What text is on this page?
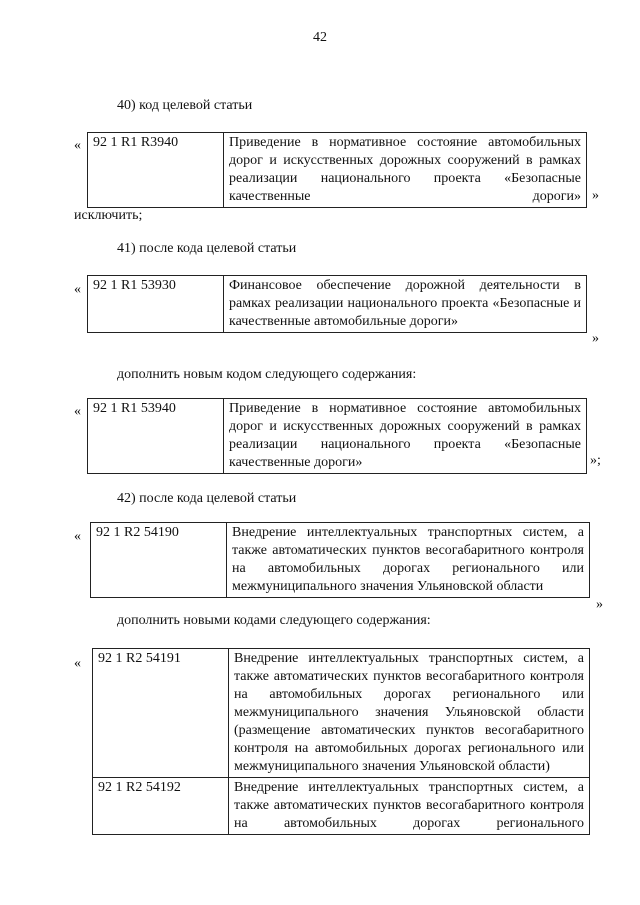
42
40) код целевой статьи
« 92 1 R1 R3940	Приведение в нормативное состояние автомобильных дорог и искусственных дорожных сооружений в рамках реализации национального проекта «Безопасные качественные дороги» »
исключить;
41) после кода целевой статьи
« 92 1 R1 53930	Финансовое обеспечение дорожной деятельности в рамках реализации национального проекта «Безопасные и качественные автомобильные дороги»
»
дополнить новым кодом следующего содержания:
« 92 1 R1 53940	Приведение в нормативное состояние автомобильных дорог и искусственных дорожных сооружений в рамках реализации национального проекта «Безопасные качественные дороги»	»;
42) после кода целевой статьи
« 92 1 R2 54190	Внедрение интеллектуальных транспортных систем, а также автоматических пунктов весогабаритного контроля на автомобильных дорогах регионального или межмуниципального значения Ульяновской области
»
дополнить новыми кодами следующего содержания:
« 92 1 R2 54191	Внедрение интеллектуальных транспортных систем, а также автоматических пунктов весогабаритного контроля на автомобильных дорогах регионального или межмуниципального значения Ульяновской области (размещение автоматических пунктов весогабаритного контроля на автомобильных дорогах регионального или межмуниципального значения Ульяновской области)
92 1 R2 54192	Внедрение интеллектуальных транспортных систем, а также автоматических пунктов весогабаритного контроля на автомобильных дорогах регионального
